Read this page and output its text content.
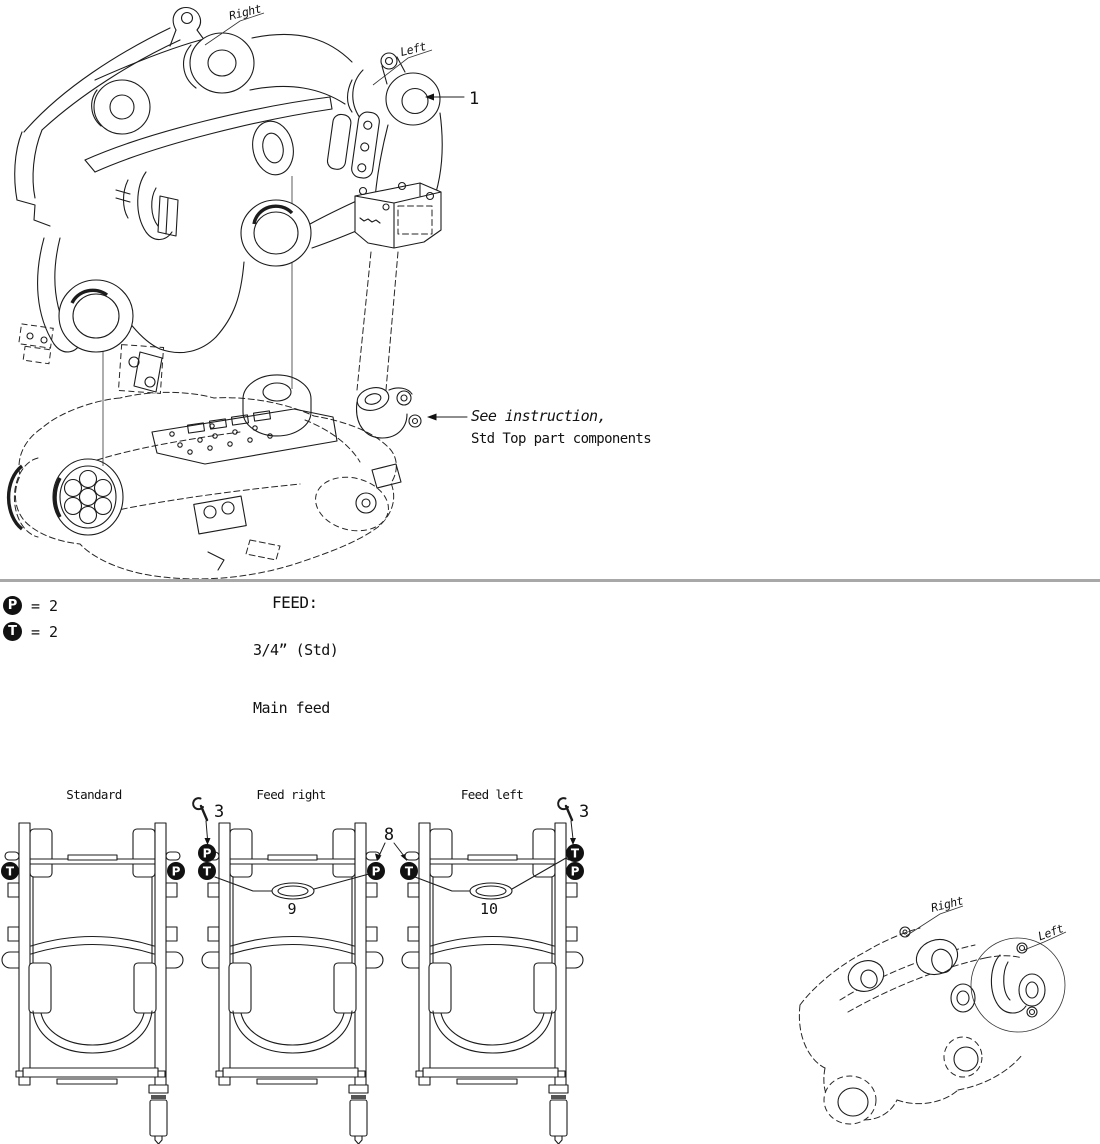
Right
Left
1
See instruction,
Std Top part components
P = 2
T = 2
FEED:
3/4” (Std)
Main feed
Standard
T	P
Feed right
3
P
T	P
9
8
Feed left
3
T
T
P
10	Right
Left
